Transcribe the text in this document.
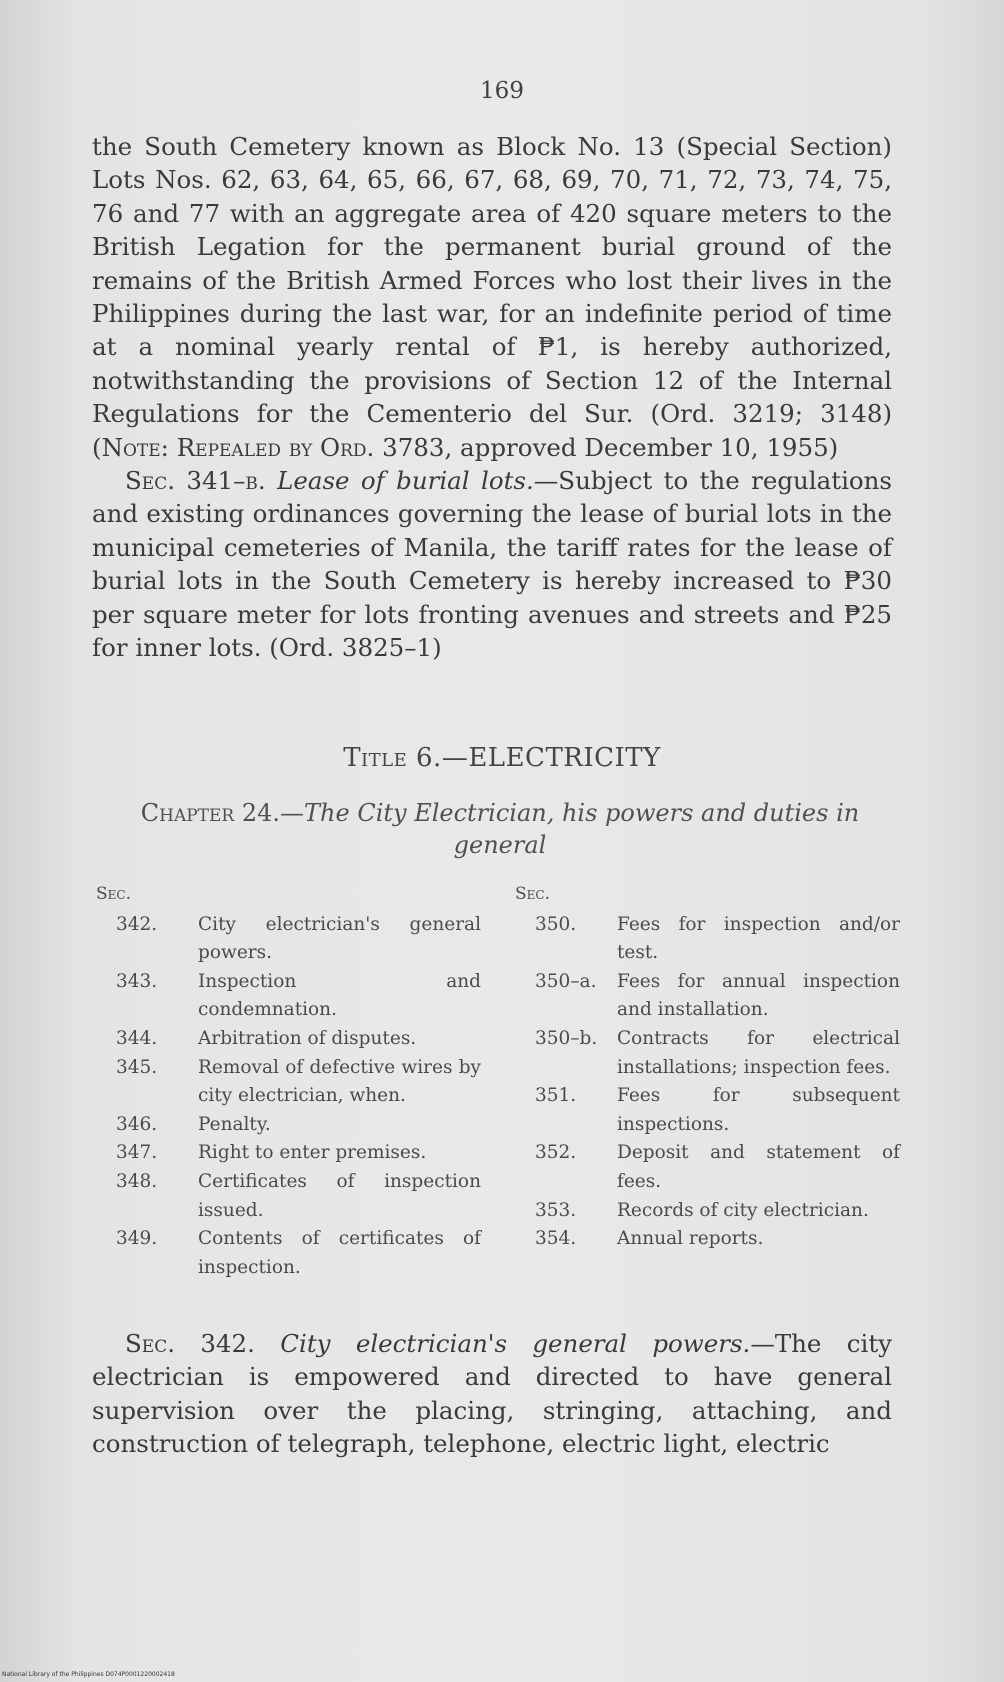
169

the South Cemetery known as Block No. 13 (Special Section) Lots Nos. 62, 63, 64, 65, 66, 67, 68, 69, 70, 71, 72, 73, 74, 75, 76 and 77 with an aggregate area of 420 square meters to the British Legation for the permanent burial ground of the remains of the British Armed Forces who lost their lives in the Philippines during the last war, for an indefinite period of time at a nominal yearly rental of ₱1, is hereby authorized, notwithstanding the provisions of Section 12 of the Internal Regulations for the Cementerio del Sur. (Ord. 3219; 3148) (Note: Repealed by Ord. 3783, approved December 10, 1955)

Sec. 341–b. Lease of burial lots.—Subject to the regulations and existing ordinances governing the lease of burial lots in the municipal cemeteries of Manila, the tariff rates for the lease of burial lots in the South Cemetery is hereby increased to ₱30 per square meter for lots fronting avenues and streets and ₱25 for inner lots. (Ord. 3825–1)

Title 6.—ELECTRICITY
Chapter 24.—The City Electrician, his powers and duties in general
Sec.
342. City electrician's general powers.
343. Inspection and condemnation.
344. Arbitration of disputes.
345. Removal of defective wires by city electrician, when.
346. Penalty.
347. Right to enter premises.
348. Certificates of inspection issued.
349. Contents of certificates of inspection.
Sec.
350. Fees for inspection and/or test.
350–a. Fees for annual inspection and installation.
350–b. Contracts for electrical installations; inspection fees.
351. Fees for subsequent inspections.
352. Deposit and statement of fees.
353. Records of city electrician.
354. Annual reports.

Sec. 342. City electrician's general powers.—The city electrician is empowered and directed to have general supervision over the placing, stringing, attaching, and construction of telegraph, telephone, electric light, electric

National Library of the Philippines D074P0001220002418
